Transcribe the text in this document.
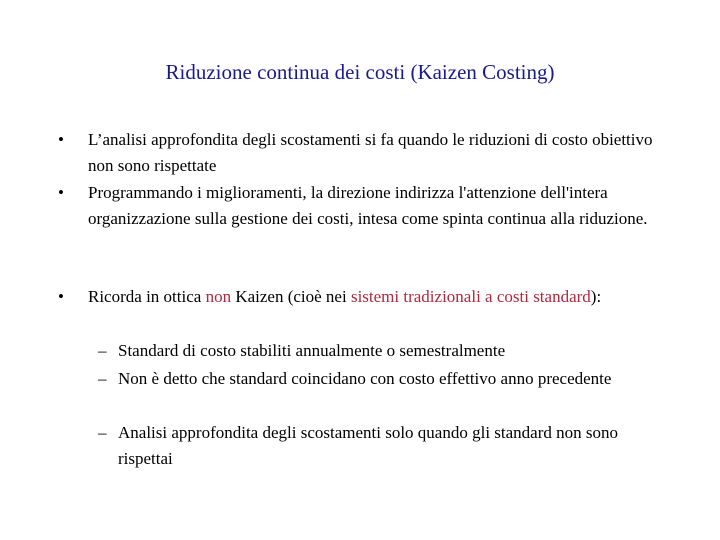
Riduzione continua dei costi (Kaizen Costing)
• L’analisi approfondita degli scostamenti si fa quando le riduzioni di costo obiettivo non sono rispettate
• Programmando i miglioramenti, la direzione indirizza l'attenzione dell'intera organizzazione sulla gestione dei costi, intesa come spinta continua alla riduzione.
• Ricorda in ottica non Kaizen (cioè nei sistemi tradizionali a costi standard):
– Standard di costo stabiliti annualmente o semestralmente
– Non è detto che standard coincidano con costo effettivo anno precedente
– Analisi approfondita degli scostamenti solo quando gli standard non sono rispettai
